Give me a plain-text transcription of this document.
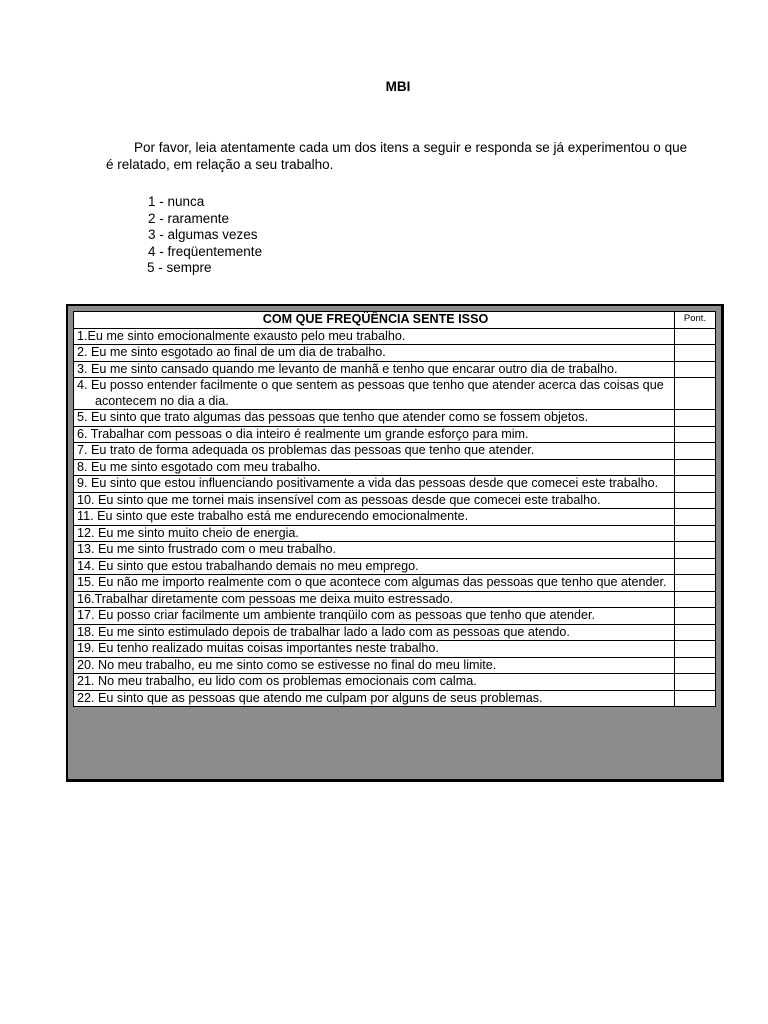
MBI
Por favor, leia atentamente cada um dos itens a seguir e responda se já experimentou o que
é relatado, em relação a seu trabalho.
1 - nunca
2 - raramente
3 - algumas vezes
4 - freqüentemente
5 - sempre
COM QUE FREQÜÊNCIA SENTE ISSO	Pont.
1.Eu me sinto emocionalmente exausto pelo meu trabalho.	
2. Eu me sinto esgotado ao final de um dia de trabalho.	

3. Eu me sinto cansado quando me levanto de manhã e tenho que encarar outro dia de trabalho.	

4. Eu posso entender facilmente o que sentem as pessoas que tenho que atender acerca das coisas que acontecem no dia a dia.	

5. Eu sinto que trato algumas das pessoas que tenho que atender como se fossem objetos.	
6. Trabalhar com pessoas o dia inteiro é realmente um grande esforço para mim.	
7. Eu trato de forma adequada os problemas das pessoas que tenho que atender.	
8. Eu me sinto esgotado com meu trabalho.	

9. Eu sinto que estou influenciando positivamente a vida das pessoas desde que comecei este trabalho.	

10. Eu sinto que me tornei mais insensível com as pessoas desde que comecei este trabalho.	
11. Eu sinto que este trabalho está me endurecendo emocionalmente.	
12. Eu me sinto muito cheio de energia.	
13. Eu me sinto frustrado com o meu trabalho.	
14. Eu sinto que estou trabalhando demais no meu emprego.	

15. Eu não me importo realmente com o que acontece com algumas das pessoas que tenho que atender.	

16.Trabalhar diretamente com pessoas me deixa muito estressado.	
17. Eu posso criar facilmente um ambiente tranqüilo com as pessoas que tenho que atender.	
18. Eu me sinto estimulado depois de trabalhar lado a lado com as pessoas que atendo.	
19. Eu tenho realizado muitas coisas importantes neste trabalho.	
20. No meu trabalho, eu me sinto como se estivesse no final do meu limite.	
21. No meu trabalho, eu lido com os problemas emocionais com calma.	
22. Eu sinto que as pessoas que atendo me culpam por alguns de seus problemas.	
